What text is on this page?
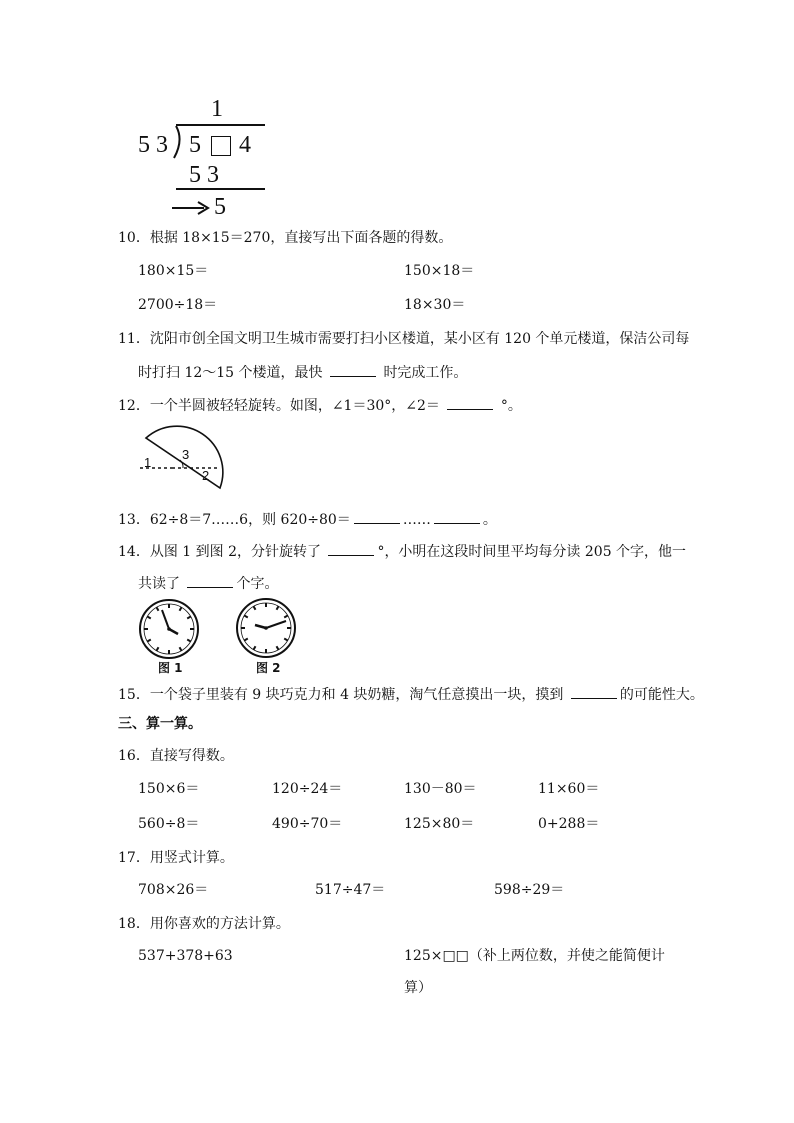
1
5 3 5 4
5 3
5
10．根据 18×15＝270，直接写出下面各题的得数。
180×15＝	150×18＝
2700÷18＝	18×30＝
11．沈阳市创全国文明卫生城市需要打扫小区楼道，某小区有 120 个单元楼道，保洁公司每
时打扫 12～15 个楼道，最快	时完成工作。
12．一个半圆被轻轻旋转。如图，∠1＝30°，∠2＝	°。
1
3
2
13．62÷8＝7……6，则 620÷80＝	……	。
14．从图 1 到图 2，分针旋转了	°，小明在这段时间里平均每分读 205 个字，他一
共读了	个字。
图 1	图 2
15．一个袋子里装有 9 块巧克力和 4 块奶糖，淘气任意摸出一块，摸到	的可能性大。
三、算一算。
16．直接写得数。
150×6＝	120÷24＝	130－80＝	11×60＝
560÷8＝	490÷70＝	125×80＝	0+288＝
17．用竖式计算。
708×26＝	517÷47＝	598÷29＝
18．用你喜欢的方法计算。
537+378+63	125×□□（补上两位数，并使之能简便计
算）
